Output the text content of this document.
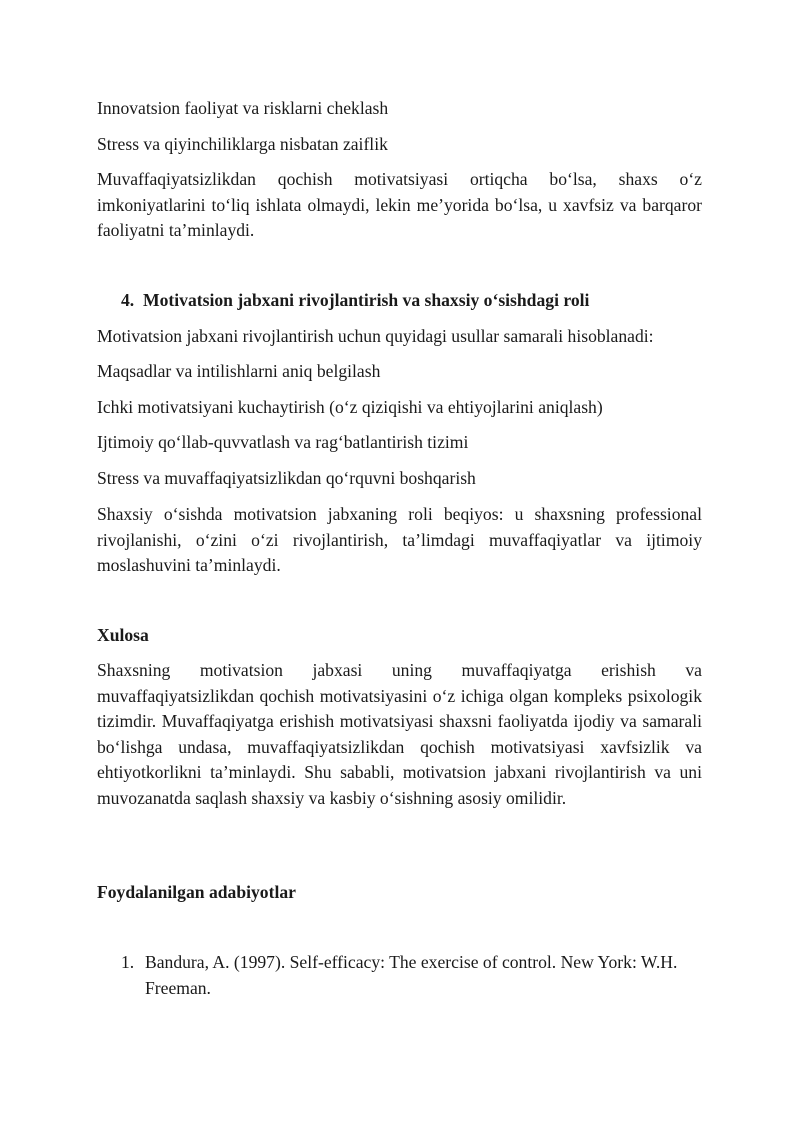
Innovatsion faoliyat va risklarni cheklash
Stress va qiyinchiliklarga nisbatan zaiflik
Muvaffaqiyatsizlikdan qochish motivatsiyasi ortiqcha bo‘lsa, shaxs o‘z imkoniyatlarini to‘liq ishlata olmaydi, lekin me’yorida bo‘lsa, u xavfsiz va barqaror faoliyatni ta’minlaydi.
4. Motivatsion jabxani rivojlantirish va shaxsiy o‘sishdagi roli
Motivatsion jabxani rivojlantirish uchun quyidagi usullar samarali hisoblanadi:
Maqsadlar va intilishlarni aniq belgilash
Ichki motivatsiyani kuchaytirish (o‘z qiziqishi va ehtiyojlarini aniqlash)
Ijtimoiy qo‘llab-quvvatlash va rag‘batlantirish tizimi
Stress va muvaffaqiyatsizlikdan qo‘rquvni boshqarish
Shaxsiy o‘sishda motivatsion jabxaning roli beqiyos: u shaxsning professional rivojlanishi, o‘zini o‘zi rivojlantirish, ta’limdagi muvaffaqiyatlar va ijtimoiy moslashuvini ta’minlaydi.
Xulosa
Shaxsning motivatsion jabxasi uning muvaffaqiyatga erishish va muvaffaqiyatsizlikdan qochish motivatsiyasini o‘z ichiga olgan kompleks psixologik tizimdir. Muvaffaqiyatga erishish motivatsiyasi shaxsni faoliyatda ijodiy va samarali bo‘lishga undasa, muvaffaqiyatsizlikdan qochish motivatsiyasi xavfsizlik va ehtiyotkorlikni ta’minlaydi. Shu sababli, motivatsion jabxani rivojlantirish va uni muvozanatda saqlash shaxsiy va kasbiy o‘sishning asosiy omilidir.
Foydalanilgan adabiyotlar
1. Bandura, A. (1997). Self-efficacy: The exercise of control. New York: W.H. Freeman.
